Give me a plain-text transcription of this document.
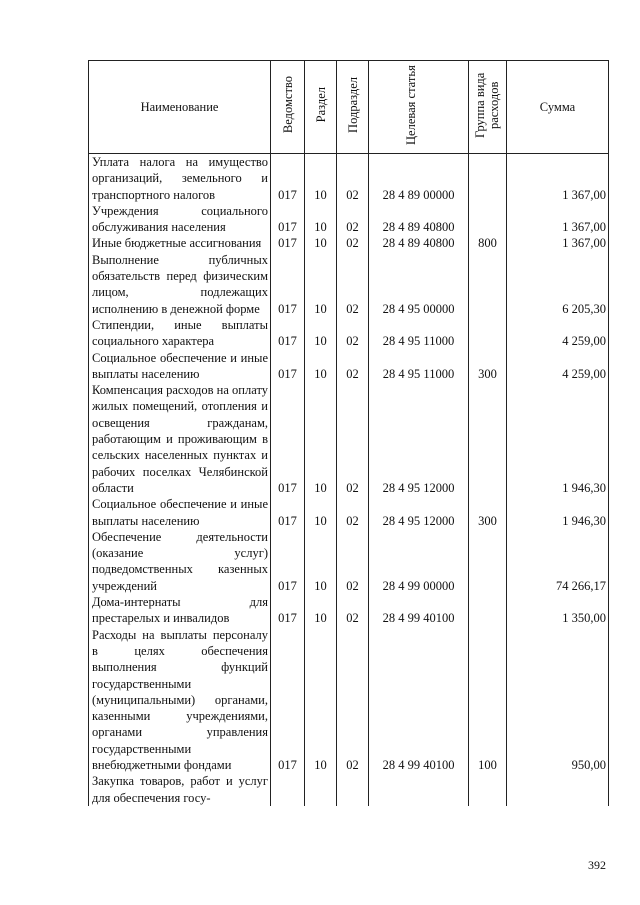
Наименование	Ведомство	Раздел	Подраздел	Целевая статья	Группа вида расходов	Сумма
Уплата налога на имущество организаций, земельного и транспортного налогов	017	10	02	28 4 89 00000		1 367,00
Учреждения социального обслуживания населения	017	10	02	28 4 89 40800		1 367,00
Иные бюджетные ассигнования	017	10	02	28 4 89 40800	800	1 367,00
Выполнение публичных обязательств перед физическим лицом, подлежащих исполнению в денежной форме	017	10	02	28 4 95 00000		6 205,30
Стипендии, иные выплаты социального характера	017	10	02	28 4 95 11000		4 259,00
Социальное обеспечение и иные выплаты населению	017	10	02	28 4 95 11000	300	4 259,00
Компенсация расходов на оплату жилых помещений, отопления и освещения гражданам, работающим и проживающим в сельских населенных пунктах и рабочих поселках Челябинской области	017	10	02	28 4 95 12000		1 946,30
Социальное обеспечение и иные выплаты населению	017	10	02	28 4 95 12000	300	1 946,30
Обеспечение деятельности (оказание услуг) подведомственных казенных учреждений	017	10	02	28 4 99 00000		74 266,17
Дома-интернаты для престарелых и инвалидов	017	10	02	28 4 99 40100		1 350,00
Расходы на выплаты персоналу в целях обеспечения выполнения функций государственными (муниципальными) органами, казенными учреждениями, органами управления государственными внебюджетными фондами	017	10	02	28 4 99 40100	100	950,00
Закупка товаров, работ и услуг для обеспечения госу-						
392
